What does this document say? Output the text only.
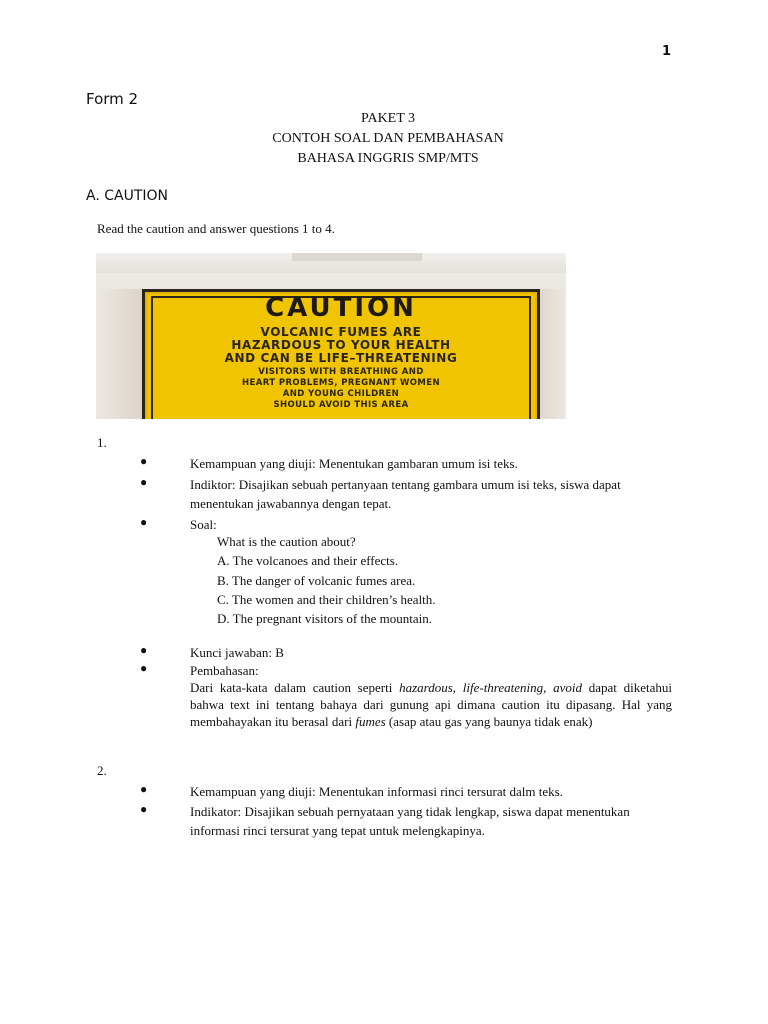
1
Form 2
PAKET 3
CONTOH SOAL DAN PEMBAHASAN
BAHASA INGGRIS SMP/MTS
A. CAUTION
Read the caution and answer questions 1 to 4.
CAUTION
VOLCANIC FUMES ARE
HAZARDOUS TO YOUR HEALTH
AND CAN BE LIFE–THREATENING
VISITORS WITH BREATHING AND
HEART PROBLEMS, PREGNANT WOMEN
AND YOUNG CHILDREN
SHOULD AVOID THIS AREA
1.
●	Kemampuan yang diuji: Menentukan gambaran umum isi teks.
●	Indiktor: Disajikan sebuah pertanyaan tentang gambara umum isi teks, siswa dapat menentukan jawabannya dengan tepat.
●	Soal:
What is the caution about?
A. The volcanoes and their effects.
B. The danger of volcanic fumes area.
C. The women and their children’s health.
D. The pregnant visitors of the mountain.
●	Kunci jawaban: B
●	Pembahasan:
Dari kata-kata dalam caution seperti hazardous, life-threatening, avoid dapat diketahui bahwa text ini tentang bahaya dari gunung api dimana caution itu dipasang. Hal yang membahayakan itu berasal dari fumes (asap atau gas yang baunya tidak enak)
2.
●	Kemampuan yang diuji: Menentukan informasi rinci tersurat dalm teks.
●	Indikator: Disajikan sebuah pernyataan yang tidak lengkap, siswa dapat menentukan informasi rinci tersurat yang tepat untuk melengkapinya.
